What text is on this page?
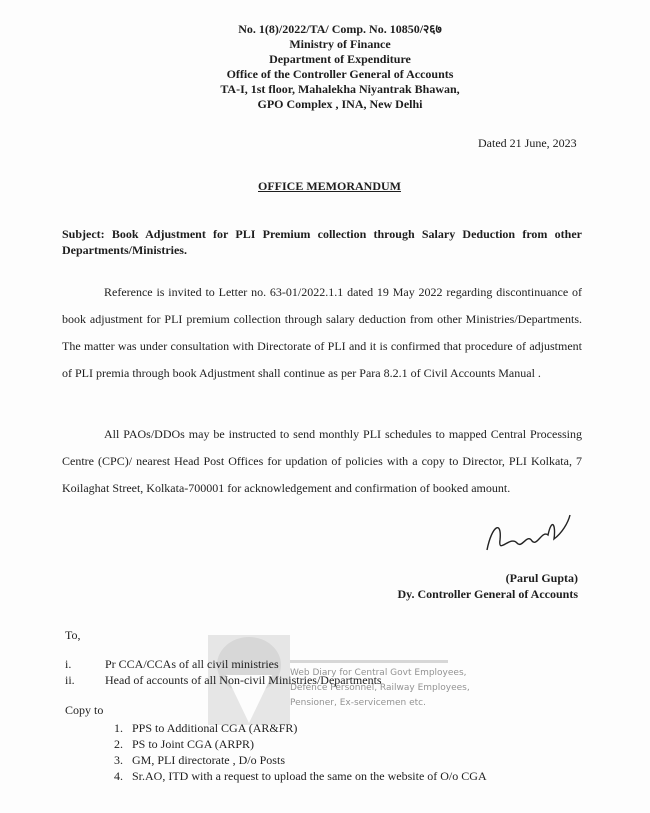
No. 1(8)/2022/TA/ Comp. No. 10850/२६७
Ministry of Finance
Department of Expenditure
Office of the Controller General of Accounts
TA-I, 1st floor, Mahalekha Niyantrak Bhawan,
GPO Complex , INA, New Delhi
Dated 21 June, 2023
OFFICE MEMORANDUM
Subject: Book Adjustment for PLI Premium collection through Salary Deduction from other Departments/Ministries.
Reference is invited to Letter no. 63-01/2022.1.1 dated 19 May 2022 regarding discontinuance of book adjustment for PLI premium collection through salary deduction from other Ministries/Departments. The matter was under consultation with Directorate of PLI and it is confirmed that procedure of adjustment of PLI premia through book Adjustment shall continue as per Para 8.2.1 of Civil Accounts Manual .
All PAOs/DDOs may be instructed to send monthly PLI schedules to mapped Central Processing Centre (CPC)/ nearest Head Post Offices for updation of policies with a copy to Director, PLI Kolkata, 7 Koilaghat Street, Kolkata-700001 for acknowledgement and confirmation of booked amount.
(Parul Gupta)
Dy. Controller General of Accounts
Web Diary for Central Govt Employees,
Defence Personnel, Railway Employees,
Pensioner, Ex-servicemen etc.
To,
i.	Pr CCA/CCAs of all civil ministries
ii.	Head of accounts of all Non-civil Ministries/Departments
Copy to
1. PPS to Additional CGA (AR&FR)
2. PS to Joint CGA (ARPR)
3. GM, PLI directorate , D/o Posts
4. Sr.AO, ITD with a request to upload the same on the website of O/o CGA
